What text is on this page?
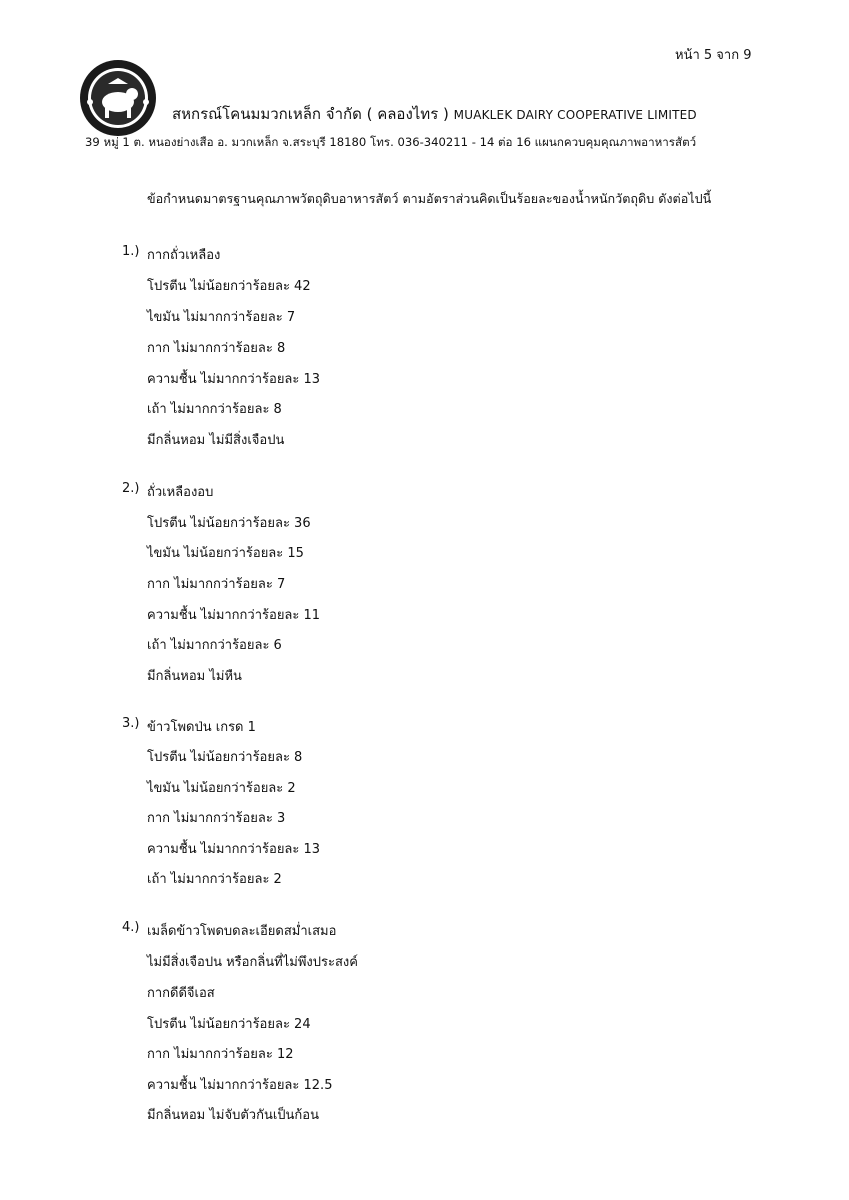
หน้า 5 จาก 9
สหกรณ์โคนมมวกเหล็ก จำกัด ( คลองไทร ) MUAKLEK DAIRY COOPERATIVE LIMITED
39 หมู่ 1 ต. หนองย่างเสือ อ. มวกเหล็ก จ.สระบุรี 18180 โทร. 036-340211 - 14 ต่อ 16 แผนกควบคุมคุณภาพอาหารสัตว์
ข้อกำหนดมาตรฐานคุณภาพวัตถุดิบอาหารสัตว์ ตามอัตราส่วนคิดเป็นร้อยละของน้ำหนักวัตถุดิบ ดังต่อไปนี้
1.) กากถั่วเหลือง
โปรตีน ไม่น้อยกว่าร้อยละ 42
ไขมัน ไม่มากกว่าร้อยละ 7
กาก ไม่มากกว่าร้อยละ 8
ความชื้น ไม่มากกว่าร้อยละ 13
เถ้า ไม่มากกว่าร้อยละ 8
มีกลิ่นหอม ไม่มีสิ่งเจือปน
2.) ถั่วเหลืองอบ
โปรตีน ไม่น้อยกว่าร้อยละ 36
ไขมัน ไม่น้อยกว่าร้อยละ 15
กาก ไม่มากกว่าร้อยละ 7
ความชื้น ไม่มากกว่าร้อยละ 11
เถ้า ไม่มากกว่าร้อยละ 6
มีกลิ่นหอม ไม่หืน
3.) ข้าวโพดป่น เกรด 1
โปรตีน ไม่น้อยกว่าร้อยละ 8
ไขมัน ไม่น้อยกว่าร้อยละ 2
กาก ไม่มากกว่าร้อยละ 3
ความชื้น ไม่มากกว่าร้อยละ 13
เถ้า ไม่มากกว่าร้อยละ 2
4.) เมล็ดข้าวโพดบดละเอียดสม่ำเสมอ
ไม่มีสิ่งเจือปน หรือกลิ่นที่ไม่พึงประสงค์
กากดีดีจีเอส
โปรตีน ไม่น้อยกว่าร้อยละ 24
กาก ไม่มากกว่าร้อยละ 12
ความชื้น ไม่มากกว่าร้อยละ 12.5
มีกลิ่นหอม ไม่จับตัวกันเป็นก้อน
